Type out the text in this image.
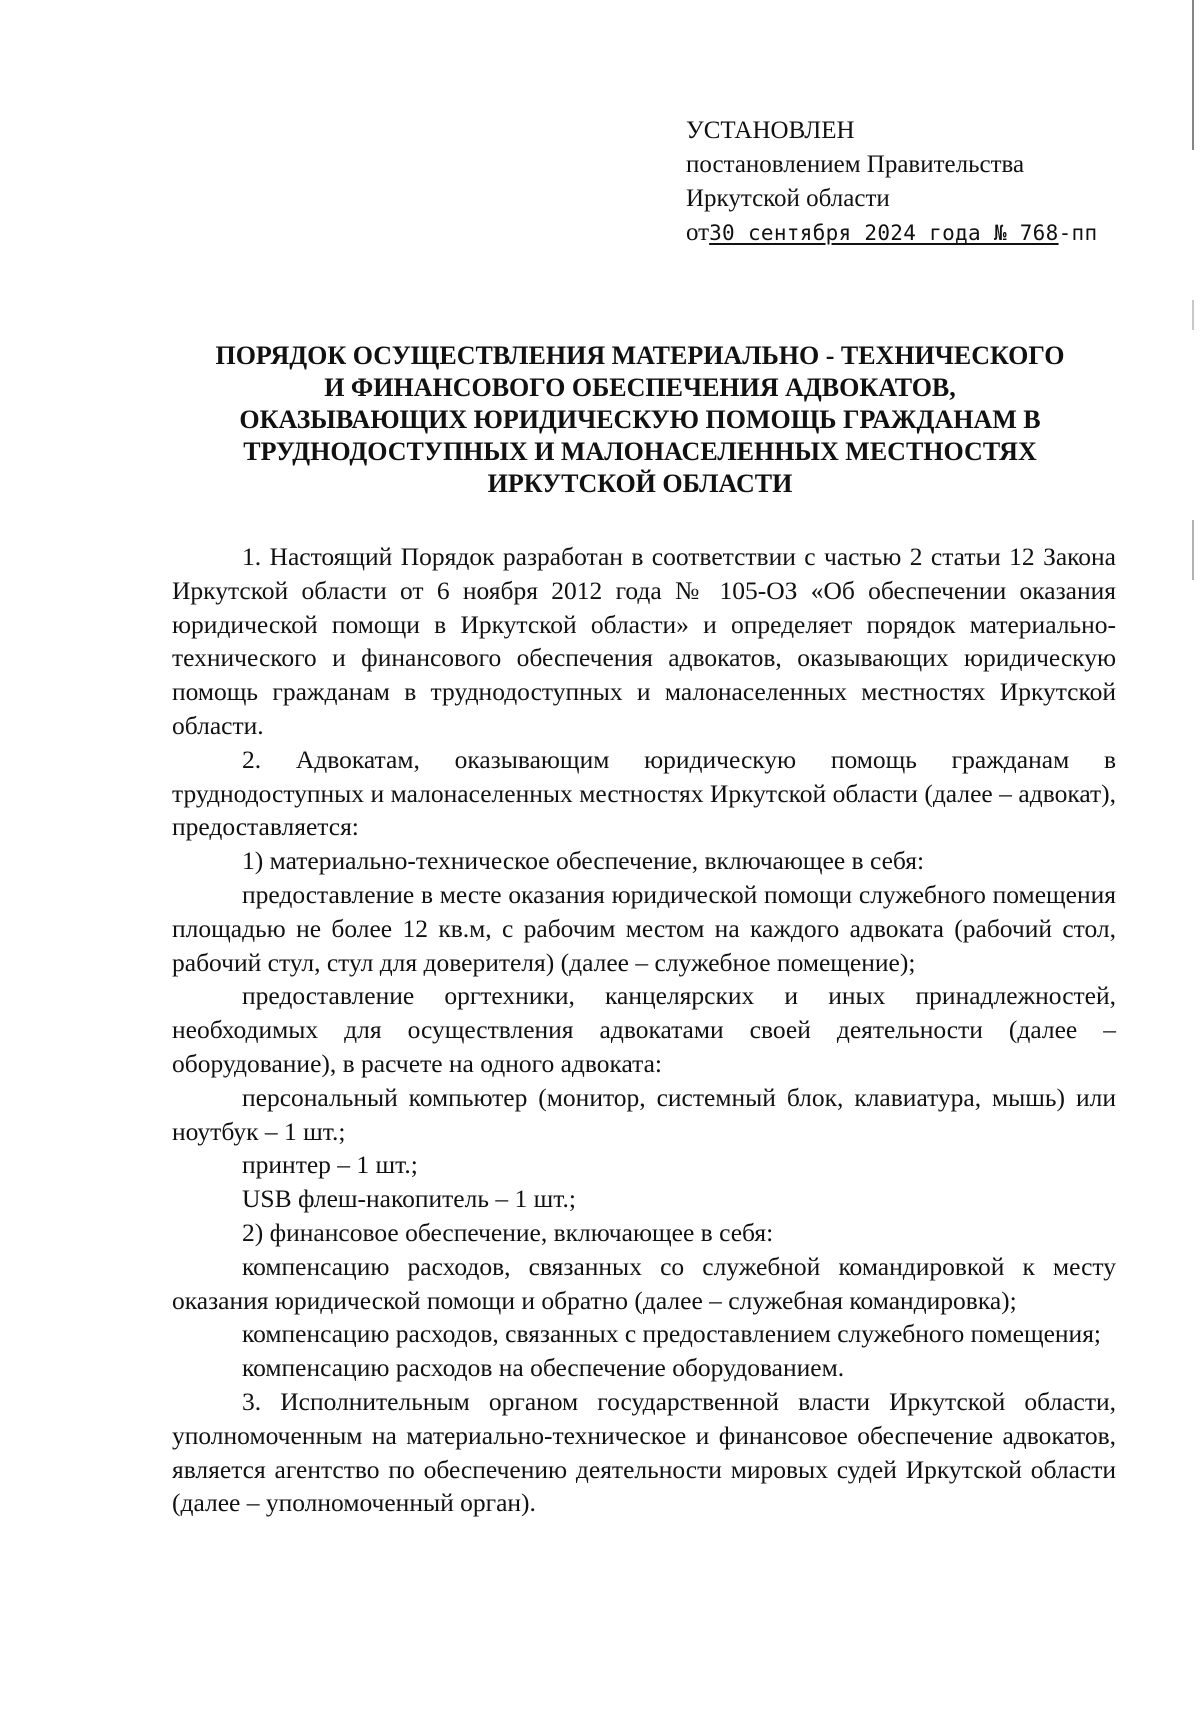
УСТАНОВЛЕН
постановлением Правительства
Иркутской области
от30 сентября 2024 года № 768-пп
ПОРЯДОК ОСУЩЕСТВЛЕНИЯ МАТЕРИАЛЬНО - ТЕХНИЧЕСКОГО
И ФИНАНСОВОГО ОБЕСПЕЧЕНИЯ АДВОКАТОВ,
ОКАЗЫВАЮЩИХ ЮРИДИЧЕСКУЮ ПОМОЩЬ ГРАЖДАНАМ В
ТРУДНОДОСТУПНЫХ И МАЛОНАСЕЛЕННЫХ МЕСТНОСТЯХ
ИРКУТСКОЙ ОБЛАСТИ

1. Настоящий Порядок разработан в соответствии с частью 2 статьи 12 Закона Иркутской области от 6 ноября 2012 года № 105-ОЗ «Об обеспечении оказания юридической помощи в Иркутской области» и определяет порядок материально-технического и финансового обеспечения адвокатов, оказывающих юридическую помощь гражданам в труднодоступных и малонаселенных местностях Иркутской области.

2. Адвокатам, оказывающим юридическую помощь гражданам в труднодоступных и малонаселенных местностях Иркутской области (далее – адвокат), предоставляется:

1) материально-техническое обеспечение, включающее в себя:

предоставление в месте оказания юридической помощи служебного помещения площадью не более 12 кв.м, с рабочим местом на каждого адвоката (рабочий стол, рабочий стул, стул для доверителя) (далее – служебное помещение);

предоставление оргтехники, канцелярских и иных принадлежностей, необходимых для осуществления адвокатами своей деятельности (далее – оборудование), в расчете на одного адвоката:

персональный компьютер (монитор, системный блок, клавиатура, мышь) или ноутбук – 1 шт.;

принтер – 1 шт.;

USB флеш-накопитель – 1 шт.;

2) финансовое обеспечение, включающее в себя:

компенсацию расходов, связанных со служебной командировкой к месту оказания юридической помощи и обратно (далее – служебная командировка);

компенсацию расходов, связанных с предоставлением служебного помещения;

компенсацию расходов на обеспечение оборудованием.

3. Исполнительным органом государственной власти Иркутской области, уполномоченным на материально-техническое и финансовое обеспечение адвокатов, является агентство по обеспечению деятельности мировых судей Иркутской области (далее – уполномоченный орган).
